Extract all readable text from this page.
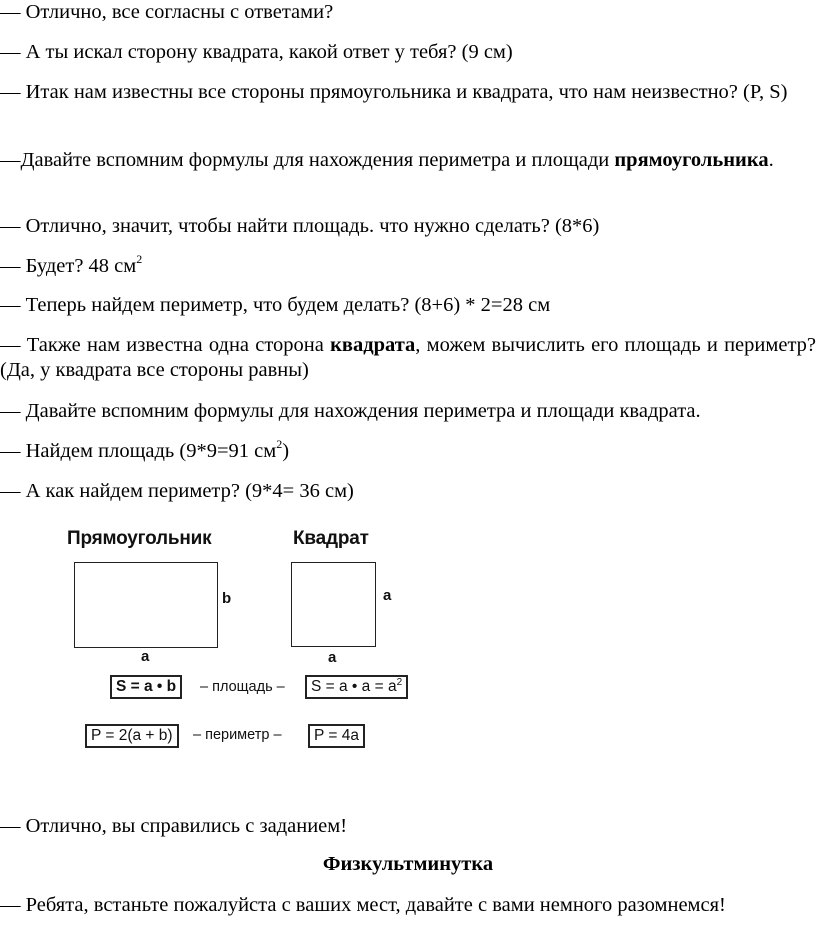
— Отлично, все согласны с ответами?

— А ты искал сторону квадрата, какой ответ у тебя? (9 см)

— Итак нам известны все стороны прямоугольника и квадрата, что нам неизвестно? (P, S)

—Давайте вспомним формулы для нахождения периметра и площади прямоугольника.

— Отлично, значит, чтобы найти площадь. что нужно сделать? (8*6)

— Будет? 48 $см^2$

— Теперь найдем периметр, что будем делать? (8+6) * 2=28 см

— Также нам известна одна сторона квадрата, можем вычислить его площадь и периметр? (Да, у квадрата все стороны равны)

— Давайте вспомним формулы для нахождения периметра и площади квадрата.

— Найдем площадь (9*9=91 $см^2$)

— А как найдем периметр? (9*4= 36 см)

Прямоугольник	Квадрат
b
a
a
a
S = a • b	– площадь –	S = a • $a = a^2$
P = 2(a + b)	– периметр –	P = 4a

— Отлично, вы справились с заданием!

Физкультминутка

— Ребята, встаньте пожалуйста с ваших мест, давайте с вами немного разомнемся!
